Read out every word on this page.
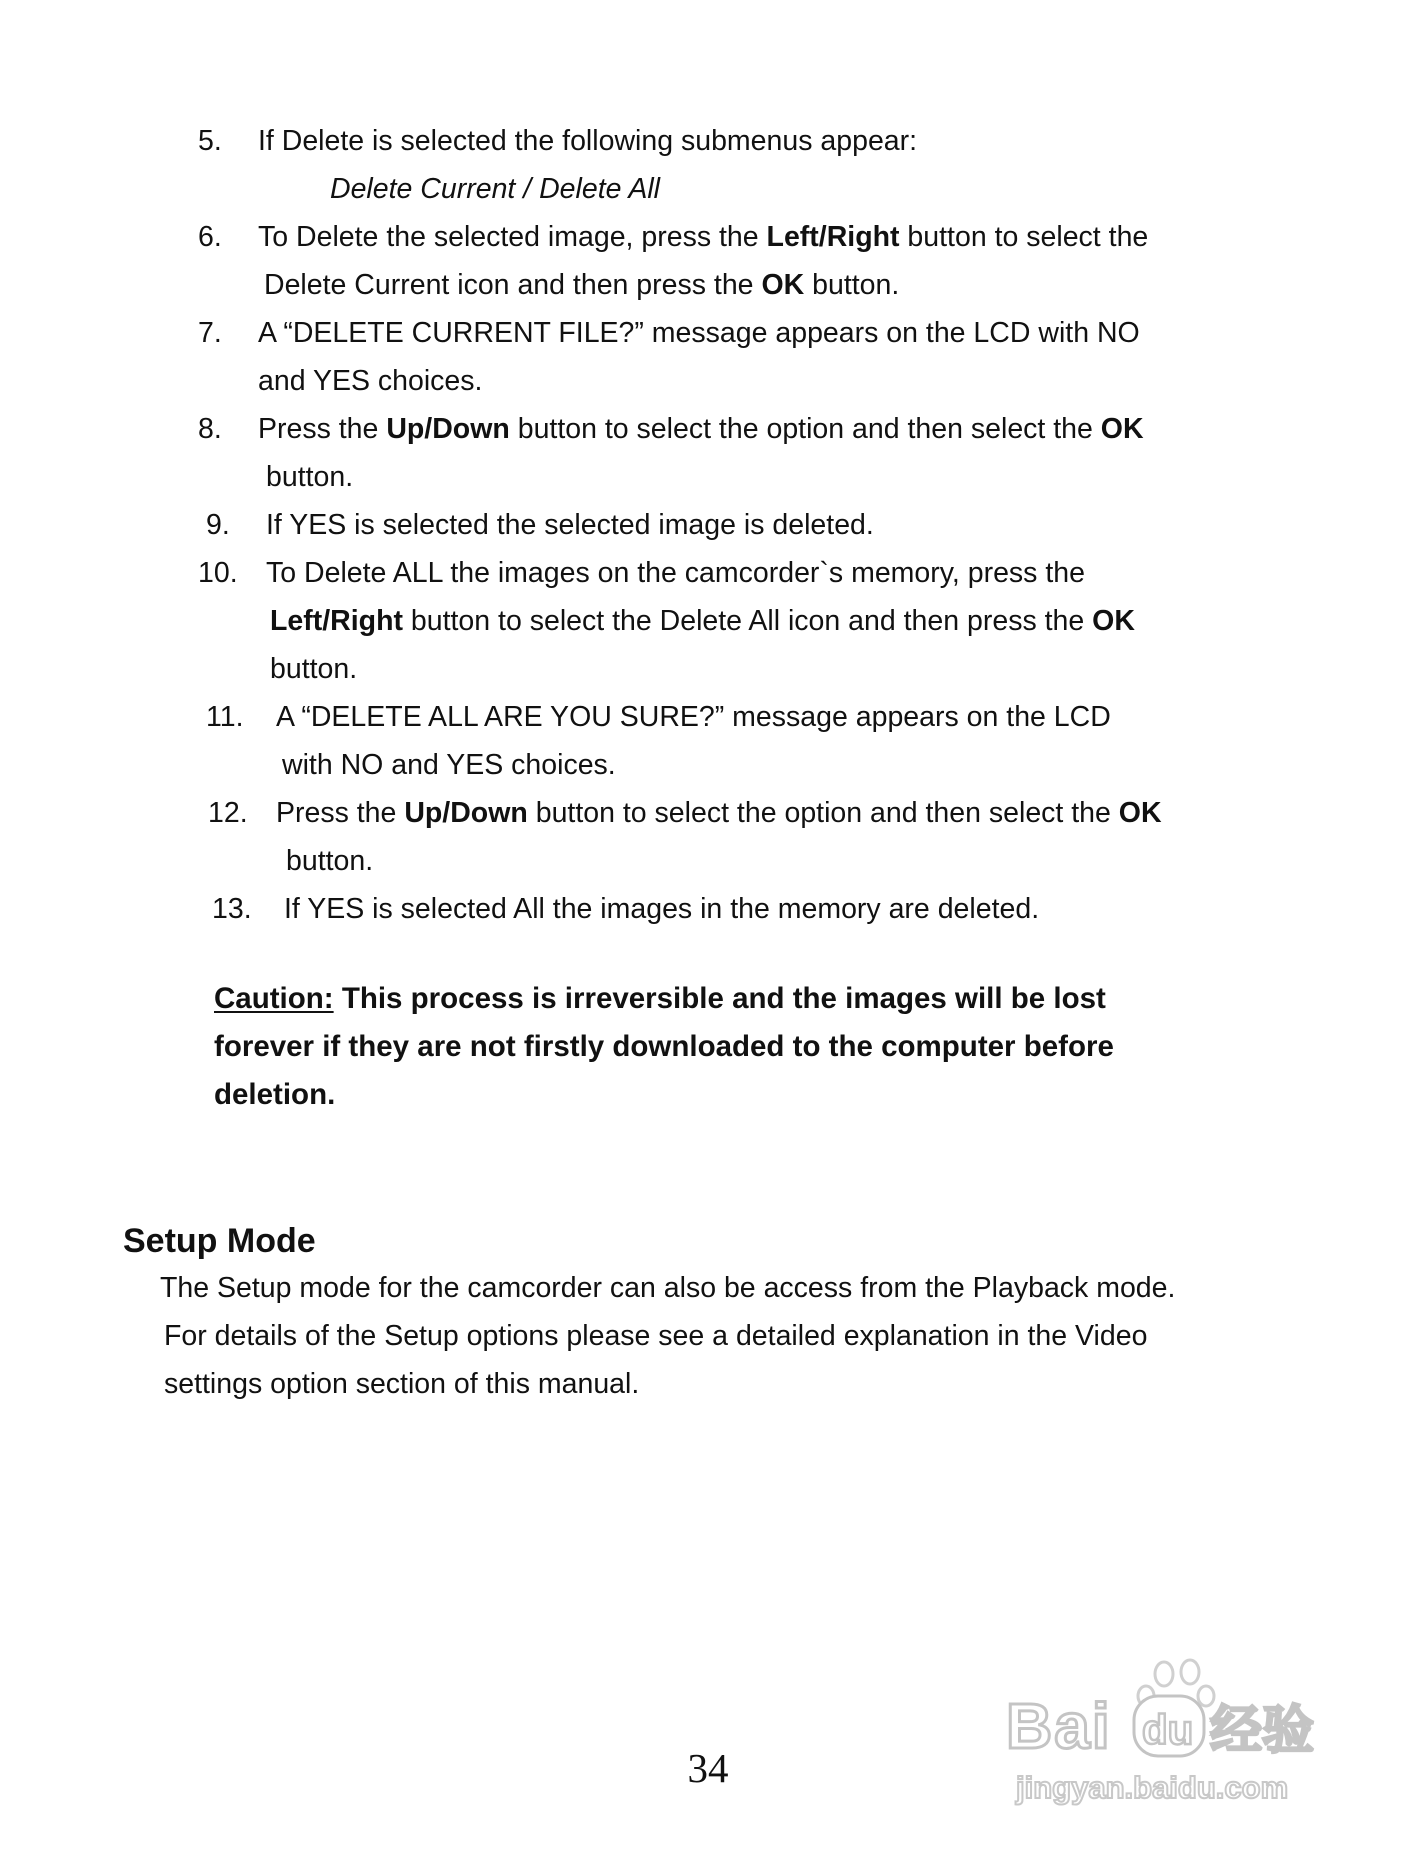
5. If Delete is selected the following submenus appear:
Delete Current / Delete All
6. To Delete the selected image, press the Left/Right button to select the
Delete Current icon and then press the OK button.
7. A “DELETE CURRENT FILE?” message appears on the LCD with NO
and YES choices.
8. Press the Up/Down button to select the option and then select the OK
button.
9. If YES is selected the selected image is deleted.
10. To Delete ALL the images on the camcorder`s memory, press the
Left/Right button to select the Delete All icon and then press the OK
button.
11. A “DELETE ALL ARE YOU SURE?” message appears on the LCD
with NO and YES choices.
12. Press the Up/Down button to select the option and then select the OK
button.
13. If YES is selected All the images in the memory are deleted.
Caution: This process is irreversible and the images will be lost
forever if they are not firstly downloaded to the computer before
deletion.
Setup Mode
The Setup mode for the camcorder can also be access from the Playback mode.
For details of the Setup options please see a detailed explanation in the Video
settings option section of this manual.
34
Bai du 经验
jingyan.baidu.com
